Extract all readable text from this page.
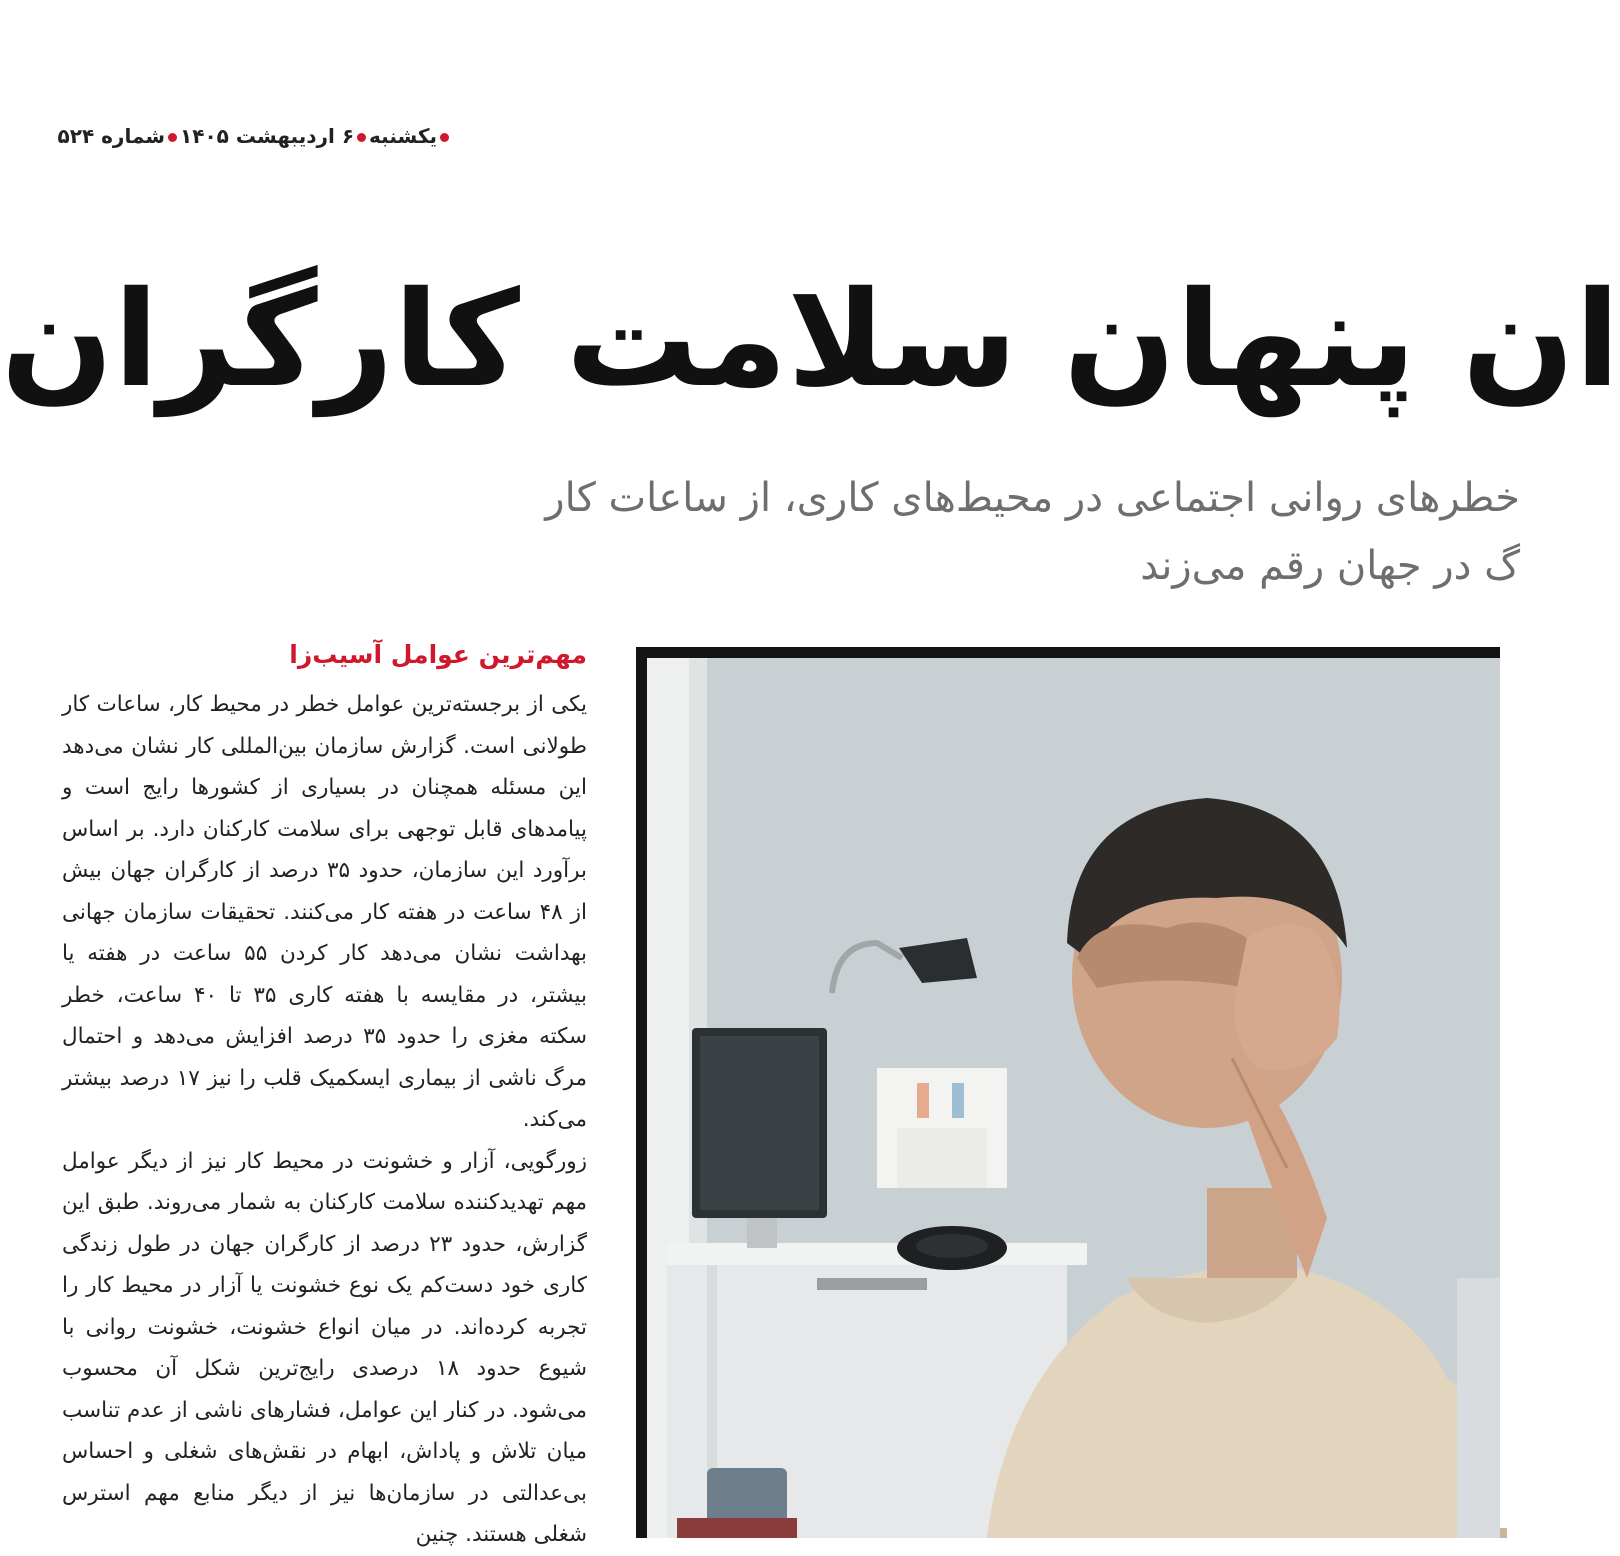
یکشنبه۶ اردیبهشت ۱۴۰۵شماره ۵۲۴
ان پنهان سلامت کارگران
خطرهای روانی اجتماعی در محیط‌های کاری، از ساعات کار
گ در جهان رقم می‌زند
مهم‌ترین عوامل آسیب‌زا

یکی از برجسته‌ترین عوامل خطر در محیط کار، ساعات کار طولانی است. گزارش سازمان بین‌المللی کار نشان می‌دهد این مسئله همچنان در بسیاری از کشورها رایج است و پیامدهای قابل توجهی برای سلامت کارکنان دارد. بر اساس برآورد این سازمان، حدود ۳۵ درصد از کارگران جهان بیش از ۴۸ ساعت در هفته کار می‌کنند. تحقیقات سازمان جهانی بهداشت نشان می‌دهد کار کردن ۵۵ ساعت در هفته یا بیشتر، در مقایسه با هفته کاری ۳۵ تا ۴۰ ساعت، خطر سکته مغزی را حدود ۳۵ درصد افزایش می‌دهد و احتمال مرگ ناشی از بیماری ایسکمیک قلب را نیز ۱۷ درصد بیشتر می‌کند.

زورگویی، آزار و خشونت در محیط کار نیز از دیگر عوامل مهم تهدیدکننده سلامت کارکنان به شمار می‌روند. طبق این گزارش، حدود ۲۳ درصد از کارگران جهان در طول زندگی کاری خود دست‌کم یک نوع خشونت یا آزار در محیط کار را تجربه کرده‌اند. در میان انواع خشونت، خشونت روانی با شیوع حدود ۱۸ درصدی رایج‌ترین شکل آن محسوب می‌شود. در کنار این عوامل، فشارهای ناشی از عدم تناسب میان تلاش و پاداش، ابهام در نقش‌های شغلی و احساس بی‌عدالتی در سازمان‌ها نیز از دیگر منابع مهم استرس شغلی هستند. چنین
